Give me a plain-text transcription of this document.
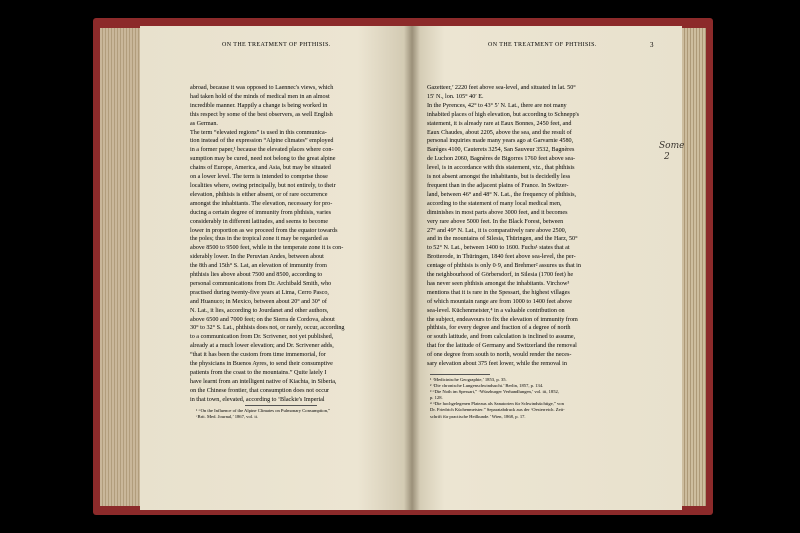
ON THE TREATMENT OF PHTHISIS.
abroad, because it was opposed to Laennec's views, which
had taken hold of the minds of medical men in an almost
incredible manner. Happily a change is being worked in
this respect by some of the best observers, as well English
as German.
The term “elevated regions” is used in this communica-
tion instead of the expression “Alpine climates” employed
in a former paper,¹ because the elevated places where con-
sumption may be cured, need not belong to the great alpine
chains of Europe, America, and Asia, but may be situated
on a lower level. The term is intended to comprise those
localities where, owing principally, but not entirely, to their
elevation, phthisis is either absent, or of rare occurrence
amongst the inhabitants. The elevation, necessary for pro-
ducing a certain degree of immunity from phthisis, varies
considerably in different latitudes, and seems to become
lower in proportion as we proceed from the equator towards
the poles; thus in the tropical zone it may be regarded as
above 8500 to 9500 feet, while in the temperate zone it is con-
siderably lower. In the Peruvian Andes, between about
the 8th and 15th° S. Lat, an elevation of immunity from
phthisis lies above about 7500 and 8500, according to
personal communications from Dr. Archibald Smith, who
practised during twenty-five years at Lima, Cerro Pasco,
and Huanuco; in Mexico, between about 20° and 30° of
N. Lat., it lies, according to Jourdanet and other authors,
above 6500 and 7000 feet; on the Sierra de Cordova, about
30° to 32° S. Lat., phthisis does not, or rarely, occur, according
to a communication from Dr. Scrivener, not yet published,
already at a much lower elevation; and Dr. Scrivener adds,
“that it has been the custom from time immemorial, for
the physicians in Buenos Ayres, to send their consumptive
patients from the coast to the mountains.” Quite lately I
have learnt from an intelligent native of Kiachta, in Siberia,
on the Chinese frontier, that consumption does not occur
in that town, elevated, according to ‘Blackie's Imperial
¹ “On the Influence of the Alpine Climates on Pulmonary Consumption,”
‘Brit. Med. Journal,’ 1867, vol. ii.
ON THE TREATMENT OF PHTHISIS.	3
Gazetteer,’ 2220 feet above sea-level, and situated in lat. 50°
15′ N., lon. 105° 40′ E.
In the Pyrences, 42° to 43° 5′ N. Lat., there are not many
inhabited places of high elevation, but according to Schnepp's
statement, it is already rare at Eaux Bonnes, 2450 feet, and
Eaux Chaudes, about 2205, above the sea, and the result of
personal inquiries made many years ago at Garvarnie 4580,
Barèges 4100, Cauterets 3254, San Sauveur 3532, Bagnères
de Luchon 2060, Bagnères de Bigorres 1760 feet above sea-
level, is in accordance with this statement, viz., that phthisis
is not absent amongst the inhabitants, but is decidedly less
frequent than in the adjacent plains of France. In Switzer-
land, between 46° and 48° N. Lat., the frequency of phthisis,
according to the statement of many local medical men,
diminishes in most parts above 3000 feet, and it becomes
very rare above 5000 feet. In the Black Forest, between
27° and 49° N. Lat., it is comparatively rare above 2500,
and in the mountains of Silesia, Thüringen, and the Harz, 50°
to 52° N. Lat., between 1400 to 1600. Fuchs¹ states that at
Brotterode, in Thüringen, 1840 feet above sea-level, the per-
centage of phthisis is only 0·9, and Brehmer² assures us that in
the neighbourhood of Görbersdorf, in Silesia (1700 feet) he
has never seen phthisis amongst the inhabitants. Virchow³
mentions that it is rare in the Spessart, the highest villages
of which mountain range are from 1000 to 1400 feet above
sea-level. Küchenmeister,⁴ in a valuable contribution on
the subject, endeavours to fix the elevation of immunity from
phthisis, for every degree and fraction of a degree of north
or south latitude, and from calculation is inclined to assume,
that for the latitude of Germany and Switzerland the removal
of one degree from south to north, would render the neces-
sary elevation about 375 feet lower, while the removal in
¹ ‘Medicinische Geographie,’ 1853, p. 35.
² ‘Die chronische Lungenschwindsucht.’ Berlin, 1857, p. 134.
³ “Die Noth im Spessart,” ‘Würzburger Verhandlungen,’ vol. iii, 1852,
p. 128.
⁴ “Die hochgelegenen Plateaus als Sanatorien für Schwindsüchtige,” von
Dr. Friedrich Küchenmeister.” Separatabdruck aus der ‘Oesterreich. Zeit-
schrift für practische Heilkunde.’ Wien, 1868, p. 17.
Some
2
